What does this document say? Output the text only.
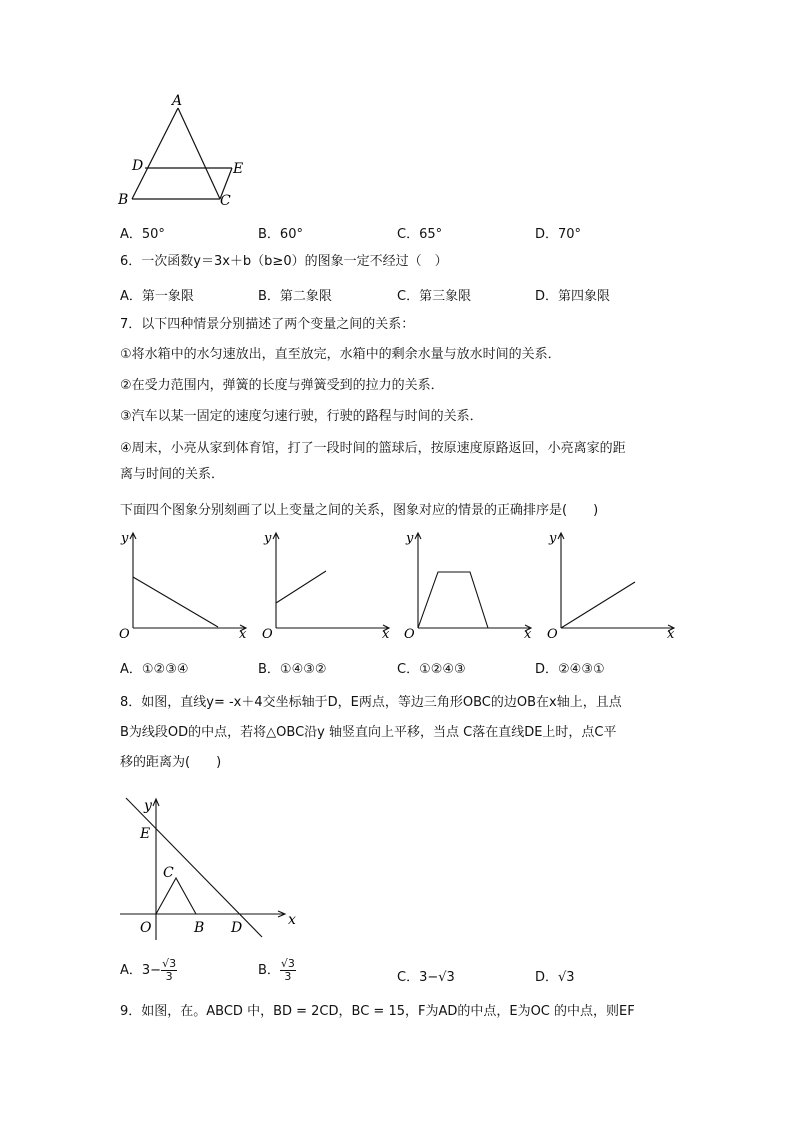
A
D	E
B	C
A．50°	B．60°	C．65°	D．70°
6．一次函数y＝3x＋b（b≥0）的图象一定不经过（　）
A．第一象限	B．第二象限	C．第三象限	D．第四象限
7．以下四种情景分别描述了两个变量之间的关系：
①将水箱中的水匀速放出，直至放完，水箱中的剩余水量与放水时间的关系．
②在受力范围内，弹簧的长度与弹簧受到的拉力的关系．
③汽车以某一固定的速度匀速行驶，行驶的路程与时间的关系．
④周末，小亮从家到体育馆，打了一段时间的篮球后，按原速度原路返回，小亮离家的距
离与时间的关系．
下面四个图象分别刻画了以上变量之间的关系，图象对应的情景的正确排序是(　　)
y
O	x
y
O	x
y
O	x
y
O	x
A．①②③④	B．①④③②	C．①②④③	D．②④③①
8．如图，直线y= -x＋4交坐标轴于D，E两点，等边三角形OBC的边OB在x轴上，且点
B为线段OD的中点，若将△OBC沿y 轴竖直向上平移，当点 C落在直线DE上时，点C平
移的距离为(　　)
y
x
E
C
O	B D
A．$3- \frac{√3}{3}$	B． $\frac{√3}{3}$	C．3−√3	D．√3
9．如图，在。ABCD 中，BD = 2CD，BC = 15，F为AD的中点，E为OC 的中点，则EF
